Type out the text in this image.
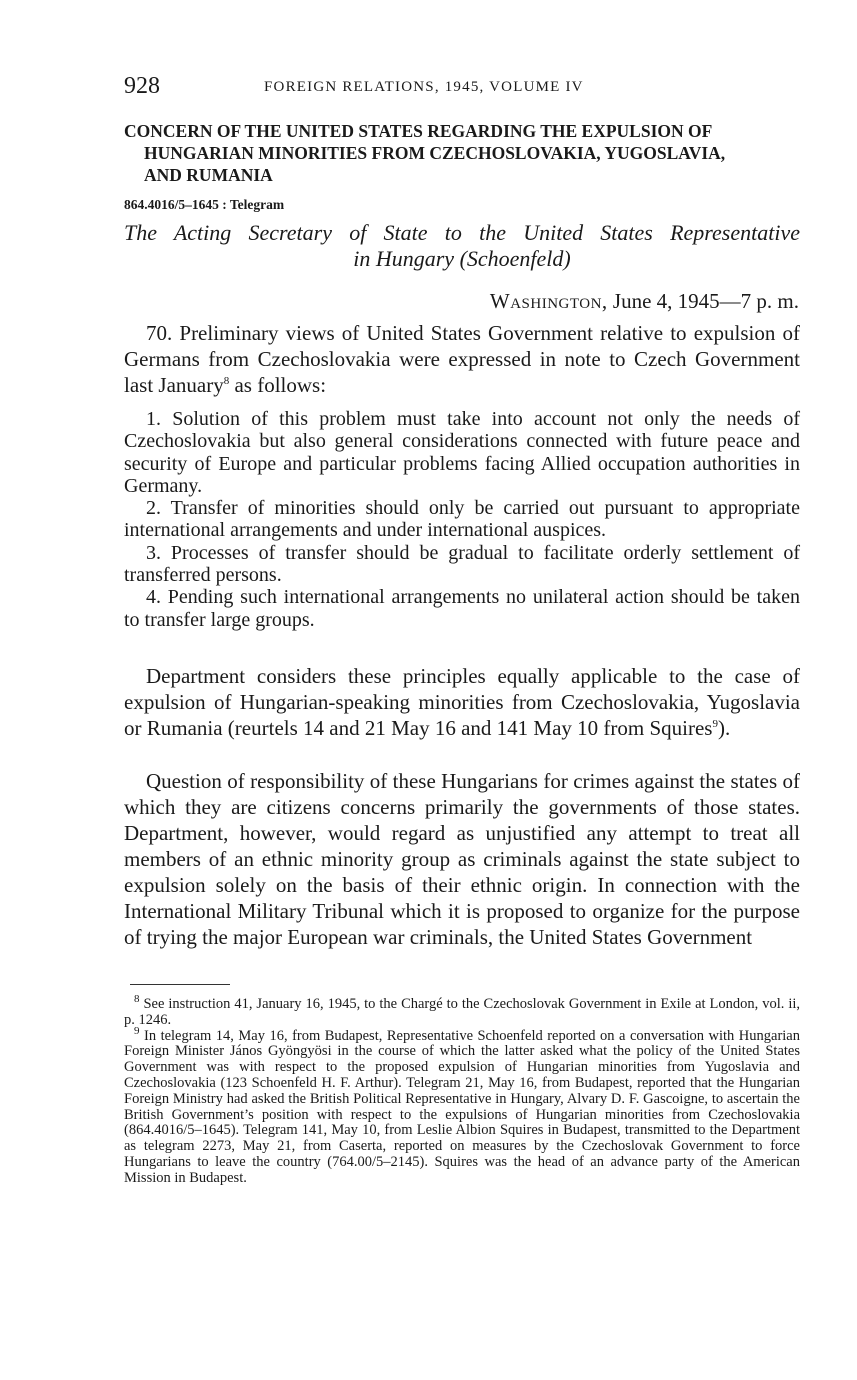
928	FOREIGN RELATIONS, 1945, VOLUME IV
CONCERN OF THE UNITED STATES REGARDING THE EXPULSION OF
HUNGARIAN MINORITIES FROM CZECHOSLOVAKIA, YUGOSLAVIA,
AND RUMANIA
864.4016/5–1645 : Telegram
The Acting Secretary of State to the United States Representative
in Hungary (Schoenfeld)
Washington, June 4, 1945—7 p. m.

70. Preliminary views of United States Government relative to expulsion of Germans from Czechoslovakia were expressed in note to Czech Government last January$^8$ as follows:

1. Solution of this problem must take into account not only the needs of Czechoslovakia but also general considerations connected with future peace and security of Europe and particular problems facing Allied occupation authorities in Germany.

2. Transfer of minorities should only be carried out pursuant to appropriate international arrangements and under international auspices.

3. Processes of transfer should be gradual to facilitate orderly settlement of transferred persons.

4. Pending such international arrangements no unilateral action should be taken to transfer large groups.

Department considers these principles equally applicable to the case of expulsion of Hungarian-speaking minorities from Czechoslovakia, Yugoslavia or Rumania (reurtels 14 and 21 May 16 and 141 May 10 from Squires$^9$).

Question of responsibility of these Hungarians for crimes against the states of which they are citizens concerns primarily the governments of those states. Department, however, would regard as unjustified any attempt to treat all members of an ethnic minority group as criminals against the state subject to expulsion solely on the basis of their ethnic origin. In connection with the International Military Tribunal which it is proposed to organize for the purpose of trying the major European war criminals, the United States Government

$^8$ See instruction 41, January 16, 1945, to the Chargé to the Czechoslovak Government in Exile at London, vol. ii, p. 1246.

$^9$ In telegram 14, May 16, from Budapest, Representative Schoenfeld reported on a conversation with Hungarian Foreign Minister János Gyöngyösi in the course of which the latter asked what the policy of the United States Government was with respect to the proposed expulsion of Hungarian minorities from Yugoslavia and Czechoslovakia (123 Schoenfeld H. F. Arthur). Telegram 21, May 16, from Budapest, reported that the Hungarian Foreign Ministry had asked the British Political Representative in Hungary, Alvary D. F. Gascoigne, to ascertain the British Government’s position with respect to the expulsions of Hungarian minorities from Czechoslovakia (864.4016/5–1645). Telegram 141, May 10, from Leslie Albion Squires in Budapest, transmitted to the Department as telegram 2273, May 21, from Caserta, reported on measures by the Czechoslovak Government to force Hungarians to leave the country (764.00/5–2145). Squires was the head of an advance party of the American Mission in Budapest.
